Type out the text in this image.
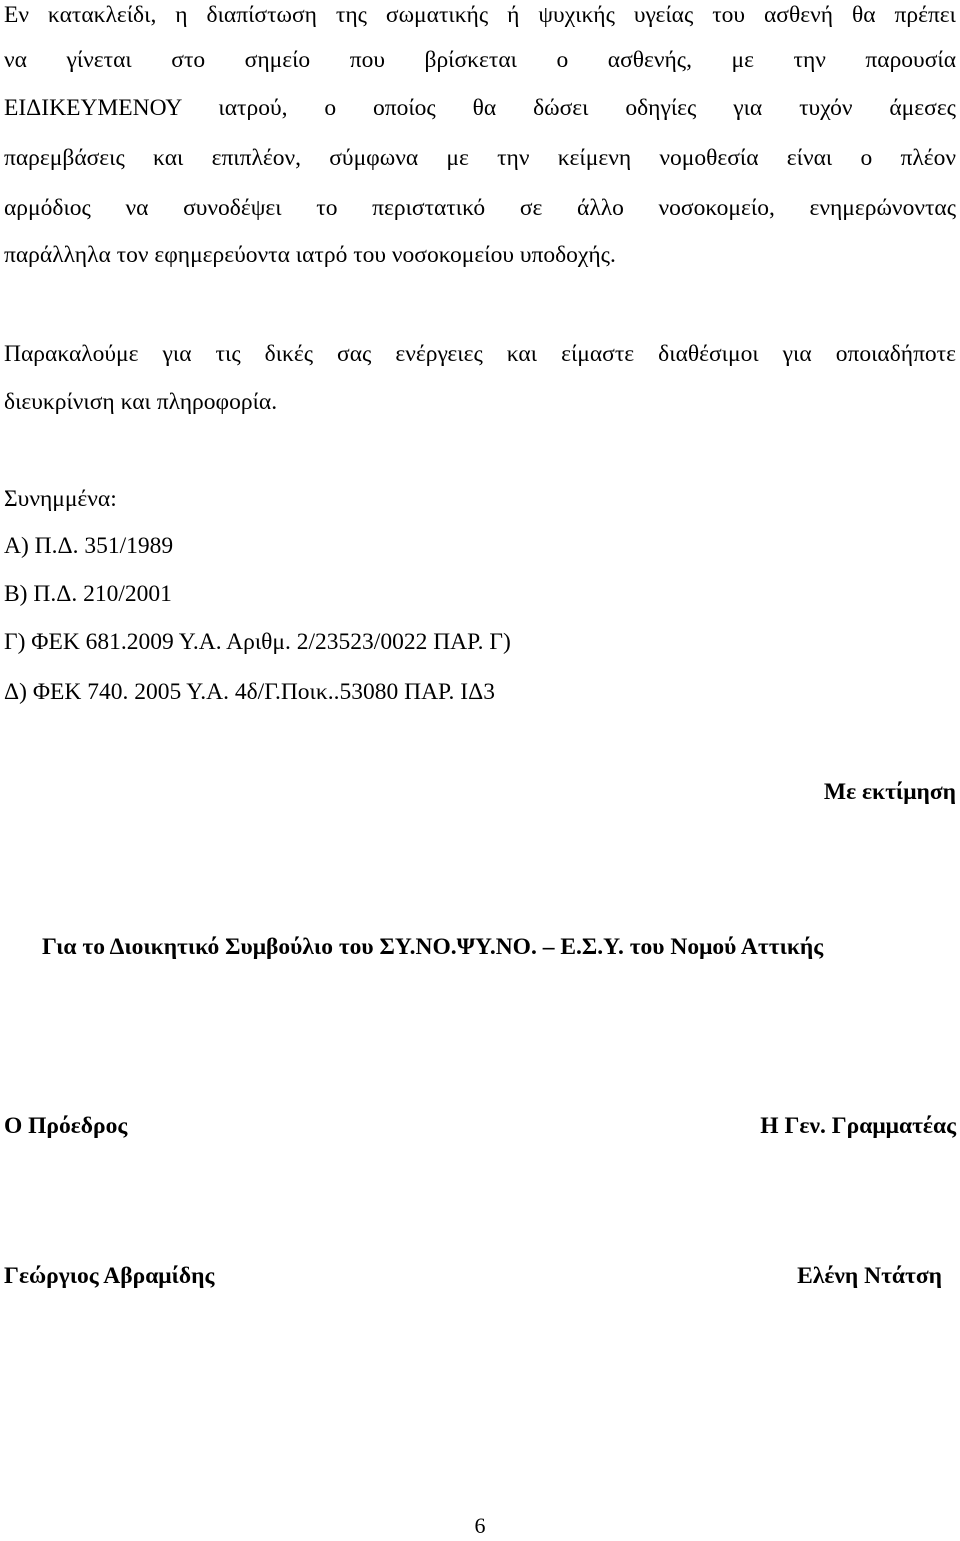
Εν κατακλείδι, η διαπίστωση της σωματικής ή ψυχικής υγείας του ασθενή θα πρέπει
να γίνεται στο σημείο που βρίσκεται ο ασθενής, με την παρουσία
ΕΙΔΙΚΕΥΜΕΝΟΥ ιατρού, ο οποίος θα δώσει οδηγίες για τυχόν άμεσες
παρεμβάσεις και επιπλέον, σύμφωνα με την κείμενη νομοθεσία είναι ο πλέον
αρμόδιος να συνοδέψει το περιστατικό σε άλλο νοσοκομείο, ενημερώνοντας
παράλληλα τον εφημερεύοντα ιατρό του νοσοκομείου υποδοχής.
Παρακαλούμε για τις δικές σας ενέργειες και είμαστε διαθέσιμοι για οποιαδήποτε
διευκρίνιση και πληροφορία.
Συνημμένα:
Α) Π.Δ. 351/1989
Β) Π.Δ. 210/2001
Γ) ΦΕΚ 681.2009 Υ.Α. Αριθμ. 2/23523/0022 ΠΑΡ. Γ)
Δ) ΦΕΚ 740. 2005 Υ.Α. 4δ/Γ.Ποικ..53080 ΠΑΡ. ΙΔ3
Με εκτίμηση
Για το Διοικητικό Συμβούλιο του ΣΥ.ΝΟ.ΨΥ.ΝΟ. – Ε.Σ.Υ. του Νομού Αττικής
Ο Πρόεδρος	Η Γεν. Γραμματέας
Γεώργιος Αβραμίδης	Ελένη Ντάτση
6
